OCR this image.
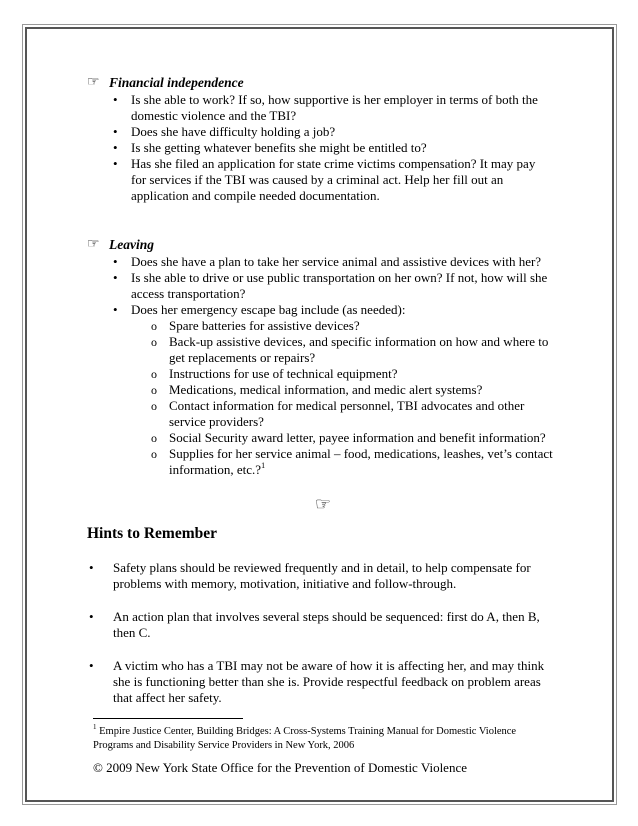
☞ Financial independence
• Is she able to work? If so, how supportive is her employer in terms of both the domestic violence and the TBI?
• Does she have difficulty holding a job?
• Is she getting whatever benefits she might be entitled to?
• Has she filed an application for state crime victims compensation? It may pay for services if the TBI was caused by a criminal act. Help her fill out an application and compile needed documentation.
☞ Leaving
• Does she have a plan to take her service animal and assistive devices with her?
• Is she able to drive or use public transportation on her own? If not, how will she access transportation?
• Does her emergency escape bag include (as needed):
o Spare batteries for assistive devices?
o Back-up assistive devices, and specific information on how and where to get replacements or repairs?
o Instructions for use of technical equipment?
o Medications, medical information, and medic alert systems?
o Contact information for medical personnel, TBI advocates and other service providers?
o Social Security award letter, payee information and benefit information?
o Supplies for her service animal – food, medications, leashes, vet’s contact information, etc.?$^1$
☞
Hints to Remember
• Safety plans should be reviewed frequently and in detail, to help compensate for problems with memory, motivation, initiative and follow-through.
• An action plan that involves several steps should be sequenced: first do A, then B, then C.
• A victim who has a TBI may not be aware of how it is affecting her, and may think she is functioning better than she is. Provide respectful feedback on problem areas that affect her safety.
$^1$ Empire Justice Center, Building Bridges: A Cross-Systems Training Manual for Domestic Violence Programs and Disability Service Providers in New York, 2006
© 2009 New York State Office for the Prevention of Domestic Violence
